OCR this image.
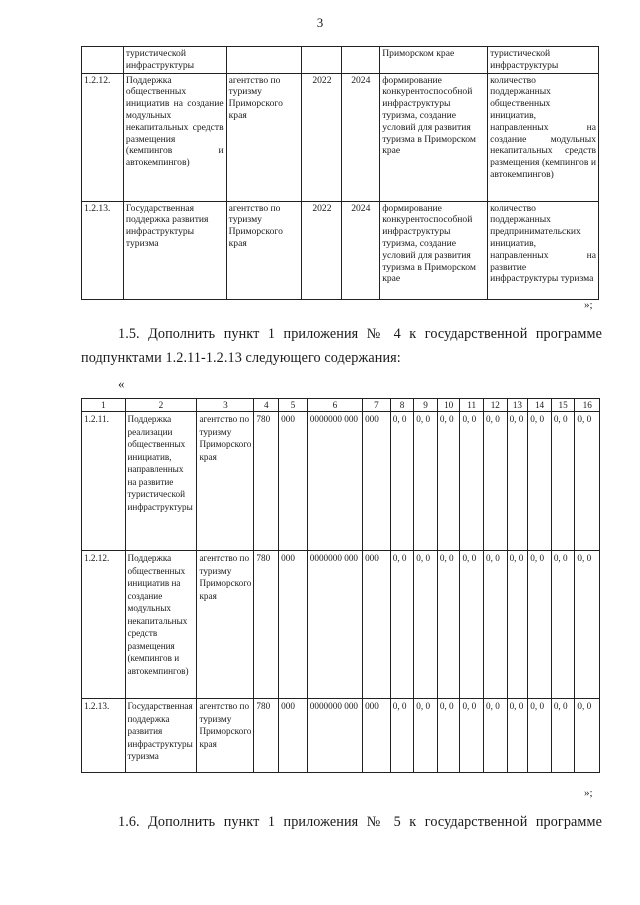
3
	туристической инфраструктуры				Приморском крае	туристической инфраструктуры
1.2.12.	Поддержка общественных инициатив на создание модульных некапитальных средств размещения (кемпингов и автокемпингов)	агентство по туризму Приморского края	2022	2024	формирование конкурентоспособной инфраструктуры туризма, создание условий для развития туризма в Приморском крае	количество поддержанных общественных инициатив, направленных на создание модульных некапитальных средств размещения (кемпингов и автокемпингов)
1.2.13.	Государственная поддержка развития инфраструктуры туризма	агентство по туризму Приморского края	2022	2024	формирование конкурентоспособной инфраструктуры туризма, создание условий для развития туризма в Приморском крае	количество поддержанных предпринимательских инициатив, направленных на развитие инфраструктуры туризма
»;
1.5. Дополнить пункт 1 приложения № 4 к государственной программе
подпунктами 1.2.11-1.2.13 следующего содержания:
«
1	2	3	4	5	6	7	8	9	10	11	12	13	14	15	16
1.2.11.	Поддержка реализации общественных инициатив, направленных на развитие туристической инфраструктуры	агентство по туризму Приморского края	780	000	0000000 000	000	0, 0	0, 0	0, 0	0, 0	0, 0	0, 0	0, 0	0, 0	0, 0
1.2.12.	Поддержка общественных инициатив на создание модульных некапитальных средств размещения (кемпингов и автокемпингов)	агентство по туризму Приморского края	780	000	0000000 000	000	0, 0	0, 0	0, 0	0, 0	0, 0	0, 0	0, 0	0, 0	0, 0
1.2.13.	Государственная поддержка развития инфраструктуры туризма	агентство по туризму Приморского края	780	000	0000000 000	000	0, 0	0, 0	0, 0	0, 0	0, 0	0, 0	0, 0	0, 0	0, 0
»;
1.6. Дополнить пункт 1 приложения № 5 к государственной программе
